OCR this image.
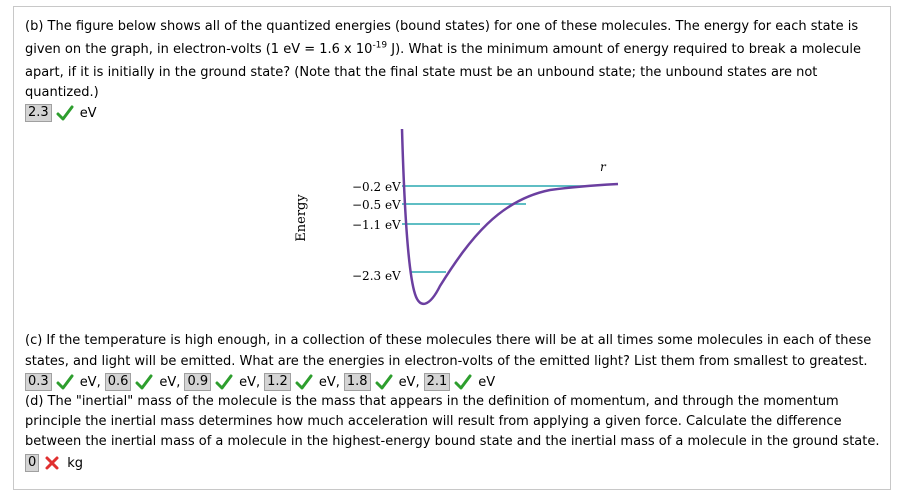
(b) The figure below shows all of the quantized energies (bound states) for one of these molecules. The energy for each state is
given on the graph, in electron-volts (1 eV = 1.6 x $10^{-19}$ J). What is the minimum amount of energy required to break a molecule
apart, if it is initially in the ground state? (Note that the final state must be an unbound state; the unbound states are not
quantized.)
2.3 eV
Energy
r
−0.2 eV
−0.5 eV
−1.1 eV
−2.3 eV
(c) If the temperature is high enough, in a collection of these molecules there will be at all times some molecules in each of these
states, and light will be emitted. What are the energies in electron-volts of the emitted light? List them from smallest to greatest.
0.3 eV, 0.6 eV, 0.9 eV, 1.2 eV, 1.8 eV, 2.1 eV
(d) The "inertial" mass of the molecule is the mass that appears in the definition of momentum, and through the momentum
principle the inertial mass determines how much acceleration will result from applying a given force. Calculate the difference
between the inertial mass of a molecule in the highest-energy bound state and the inertial mass of a molecule in the ground state.
0 kg
